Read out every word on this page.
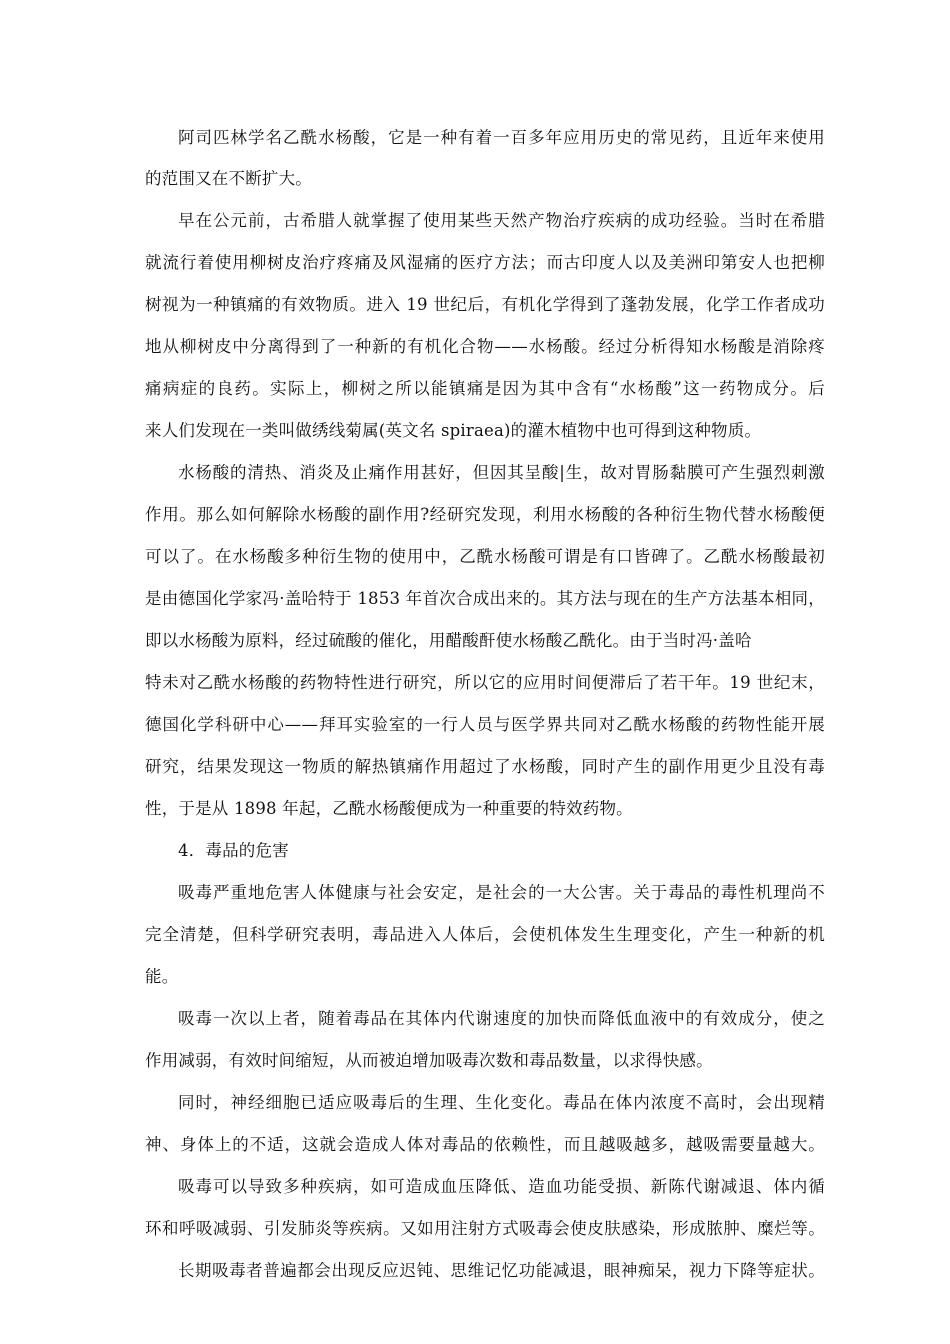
阿司匹林学名乙酰水杨酸，它是一种有着一百多年应用历史的常见药，且近年来使用
的范围又在不断扩大。
早在公元前，古希腊人就掌握了使用某些天然产物治疗疾病的成功经验。当时在希腊
就流行着使用柳树皮治疗疼痛及风湿痛的医疗方法；而古印度人以及美洲印第安人也把柳
树视为一种镇痛的有效物质。进入 19 世纪后，有机化学得到了蓬勃发展，化学工作者成功
地从柳树皮中分离得到了一种新的有机化合物——水杨酸。经过分析得知水杨酸是消除疼
痛病症的良药。实际上，柳树之所以能镇痛是因为其中含有“水杨酸”这一药物成分。后
来人们发现在一类叫做绣线菊属(英文名 spiraea)的灌木植物中也可得到这种物质。
水杨酸的清热、消炎及止痛作用甚好，但因其呈酸|生，故对胃肠黏膜可产生强烈刺激
作用。那么如何解除水杨酸的副作用?经研究发现，利用水杨酸的各种衍生物代替水杨酸便
可以了。在水杨酸多种衍生物的使用中，乙酰水杨酸可谓是有口皆碑了。乙酰水杨酸最初
是由德国化学家冯·盖哈特于 1853 年首次合成出来的。其方法与现在的生产方法基本相同，
即以水杨酸为原料，经过硫酸的催化，用醋酸酐使水杨酸乙酰化。由于当时冯·盖哈
特未对乙酰水杨酸的药物特性进行研究，所以它的应用时间便滞后了若干年。19 世纪末，
德国化学科研中心——拜耳实验室的一行人员与医学界共同对乙酰水杨酸的药物性能开展
研究，结果发现这一物质的解热镇痛作用超过了水杨酸，同时产生的副作用更少且没有毒
性，于是从 1898 年起，乙酰水杨酸便成为一种重要的特效药物。
4．毒品的危害
吸毒严重地危害人体健康与社会安定，是社会的一大公害。关于毒品的毒性机理尚不
完全清楚，但科学研究表明，毒品进入人体后，会使机体发生生理变化，产生一种新的机
能。
吸毒一次以上者，随着毒品在其体内代谢速度的加快而降低血液中的有效成分，使之
作用减弱，有效时间缩短，从而被迫增加吸毒次数和毒品数量，以求得快感。
同时，神经细胞已适应吸毒后的生理、生化变化。毒品在体内浓度不高时，会出现精
神、身体上的不适，这就会造成人体对毒品的依赖性，而且越吸越多，越吸需要量越大。
吸毒可以导致多种疾病，如可造成血压降低、造血功能受损、新陈代谢减退、体内循
环和呼吸减弱、引发肺炎等疾病。又如用注射方式吸毒会使皮肤感染，形成脓肿、糜烂等。
长期吸毒者普遍都会出现反应迟钝、思维记忆功能减退，眼神痴呆，视力下降等症状。
